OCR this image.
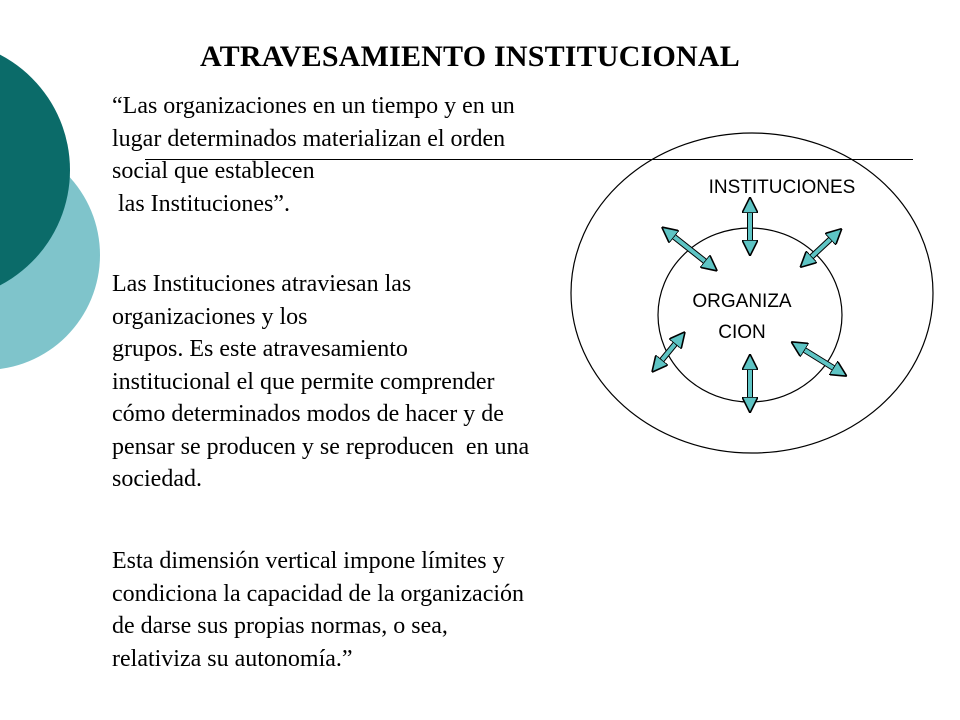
ATRAVESAMIENTO INSTITUCIONAL
“Las organizaciones en un tiempo y en un
lugar determinados materializan el orden
social que establecen
las Instituciones”.
Las Instituciones atraviesan las
organizaciones y los
grupos. Es este atravesamiento
institucional el que permite comprender
cómo determinados modos de hacer y de
pensar se producen y se reproducen  en una
sociedad.
Esta dimensión vertical impone límites y
condiciona la capacidad de la organización
de darse sus propias normas, o sea,
relativiza su autonomía.”
INSTITUCIONES
ORGANIZA
CION
